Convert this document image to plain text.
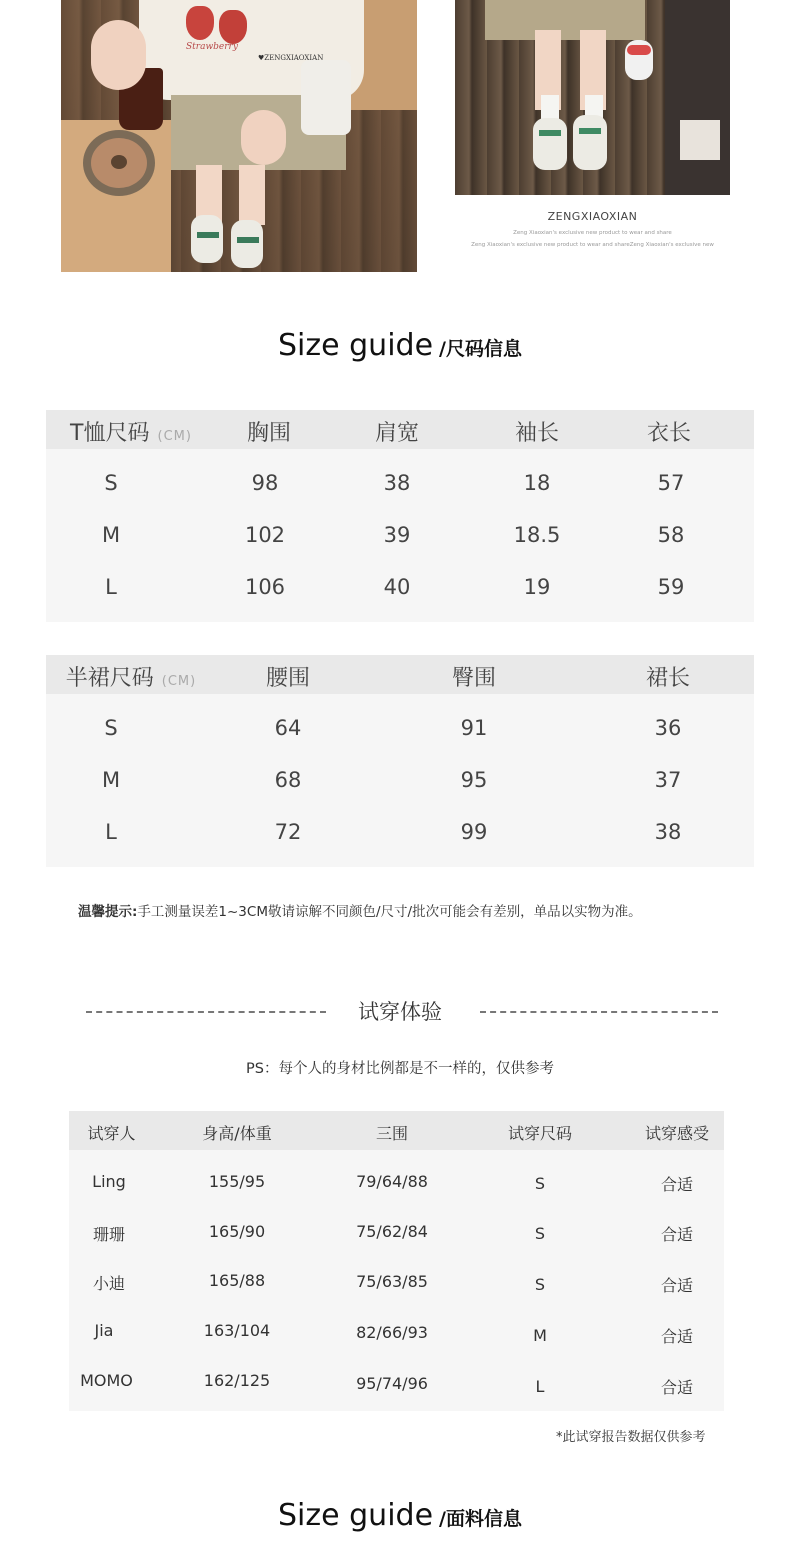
Strawberry
♥ZENGXIAOXIAN
ZENGXIAOXIAN
Zeng Xiaoxian's exclusive new product to wear and share
Zeng Xiaoxian's exclusive new product to wear and shareZeng Xiaoxian's exclusive new
Size guide /尺码信息
T恤尺码 (CM)	胸围	肩宽	袖长	衣长
S	98	38	18	57
M	102	39	18.5	58
L	106	40	19	59
半裙尺码 (CM)	腰围	臀围	裙长
S	64	91	36
M	68	95	37
L	72	99	38
温馨提示:手工测量误差1~3CM敬请谅解不同颜色/尺寸/批次可能会有差别，单品以实物为准。
试穿体验
PS：每个人的身材比例都是不一样的，仅供参考
试穿人	身高/体重	三围	试穿尺码	试穿感受
Ling	155/95	79/64/88	S	合适
珊珊	165/90	75/62/84	S	合适
小迪	165/88	75/63/85	S	合适
Jia	163/104	82/66/93	M	合适
MOMO	162/125	95/74/96	L	合适
*此试穿报告数据仅供参考
Size guide /面料信息
